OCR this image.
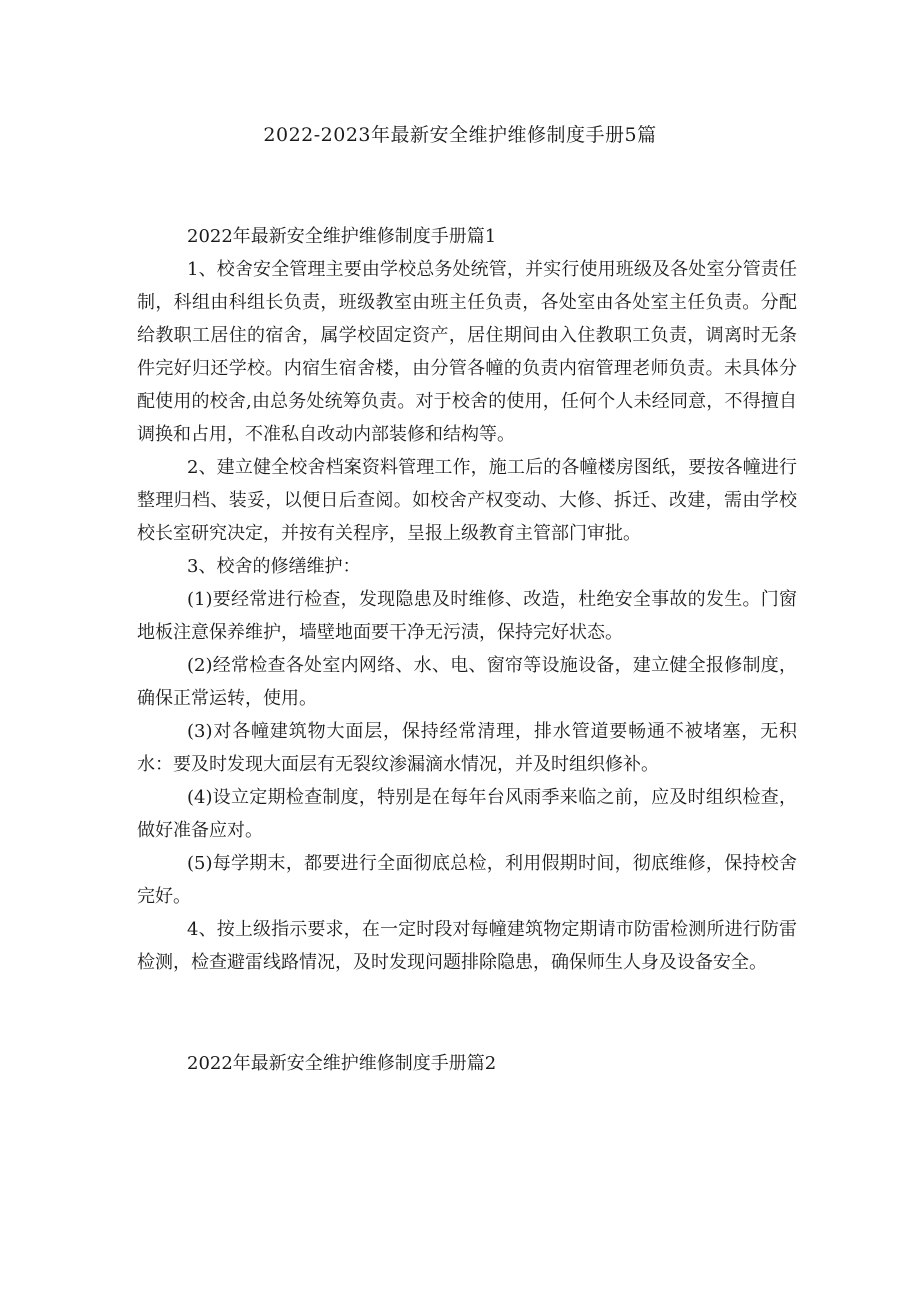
2022-2023年最新安全维护维修制度手册5篇

2022年最新安全维护维修制度手册篇1

1、校舍安全管理主要由学校总务处统管，并实行使用班级及各处室分管责任制，科组由科组长负责，班级教室由班主任负责，各处室由各处室主任负责。分配给教职工居住的宿舍，属学校固定资产，居住期间由入住教职工负责，调离时无条件完好归还学校。内宿生宿舍楼，由分管各幢的负责内宿管理老师负责。未具体分配使用的校舍,由总务处统筹负责。对于校舍的使用，任何个人未经同意，不得擅自调换和占用，不准私自改动内部装修和结构等。

2、建立健全校舍档案资料管理工作，施工后的各幢楼房图纸，要按各幢进行整理归档、装妥，以便日后查阅。如校舍产权变动、大修、拆迁、改建，需由学校校长室研究决定，并按有关程序，呈报上级教育主管部门审批。

3、校舍的修缮维护：

(1)要经常进行检查，发现隐患及时维修、改造，杜绝安全事故的发生。门窗地板注意保养维护，墙壁地面要干净无污渍，保持完好状态。

(2)经常检查各处室内网络、水、电、窗帘等设施设备，建立健全报修制度，确保正常运转，使用。

(3)对各幢建筑物大面层，保持经常清理，排水管道要畅通不被堵塞，无积水：要及时发现大面层有无裂纹渗漏滴水情况，并及时组织修补。

(4)设立定期检查制度，特别是在每年台风雨季来临之前，应及时组织检查，做好准备应对。

(5)每学期末，都要进行全面彻底总检，利用假期时间，彻底维修，保持校舍完好。

4、按上级指示要求，在一定时段对每幢建筑物定期请市防雷检测所进行防雷检测，检查避雷线路情况，及时发现问题排除隐患，确保师生人身及设备安全。

2022年最新安全维护维修制度手册篇2
